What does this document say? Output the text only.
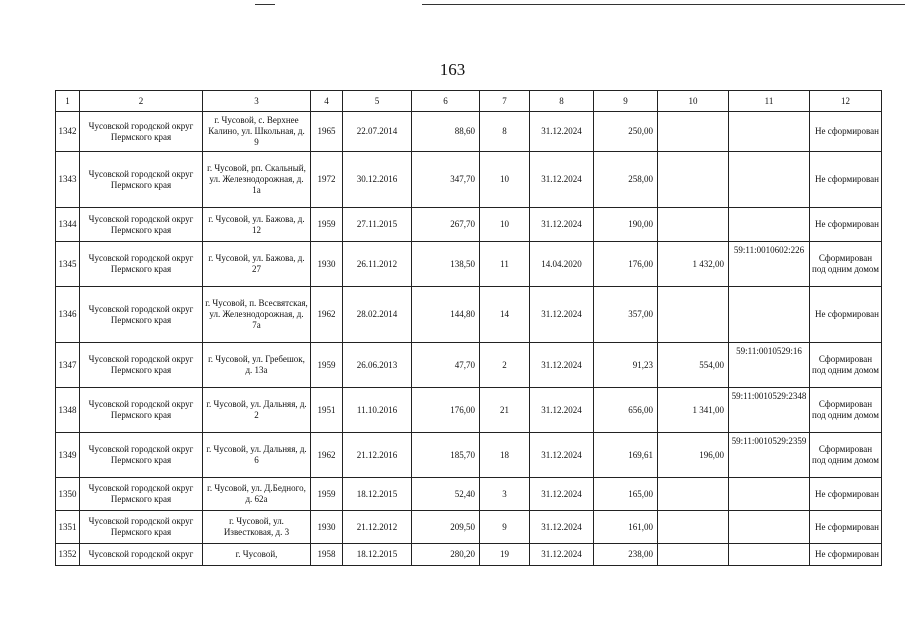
163
1	2	3	4	5	6	7	8	9	10	11	12
1342	Чусовской городской округ Пермского края	г. Чусовой, с. Верхнее Калино, ул. Школьная, д. 9	1965	22.07.2014	88,60	8	31.12.2024	250,00			Не сформирован
1343	Чусовской городской округ Пермского края	г. Чусовой, рп. Скальный, ул. Железнодорожная, д. 1а	1972	30.12.2016	347,70	10	31.12.2024	258,00			Не сформирован
1344	Чусовской городской округ Пермского края	г. Чусовой, ул. Бажова, д. 12	1959	27.11.2015	267,70	10	31.12.2024	190,00			Не сформирован
1345	Чусовской городской округ Пермского края	г. Чусовой, ул. Бажова, д. 27	1930	26.11.2012	138,50	11	14.04.2020	176,00	1 432,00	59:11:0010602:226	Сформирован под одним домом
1346	Чусовской городской округ Пермского края	г. Чусовой, п. Всесвятская, ул. Железнодорожная, д. 7а	1962	28.02.2014	144,80	14	31.12.2024	357,00			Не сформирован
1347	Чусовской городской округ Пермского края	г. Чусовой, ул. Гребешок, д. 13а	1959	26.06.2013	47,70	2	31.12.2024	91,23	554,00	59:11:0010529:16	Сформирован под одним домом
1348	Чусовской городской округ Пермского края	г. Чусовой, ул. Дальняя, д. 2	1951	11.10.2016	176,00	21	31.12.2024	656,00	1 341,00	59:11:0010529:2348	Сформирован под одним домом
1349	Чусовской городской округ Пермского края	г. Чусовой, ул. Дальняя, д. 6	1962	21.12.2016	185,70	18	31.12.2024	169,61	196,00	59:11:0010529:2359	Сформирован под одним домом
1350	Чусовской городской округ Пермского края	г. Чусовой, ул. Д.Бедного, д. 62а	1959	18.12.2015	52,40	3	31.12.2024	165,00			Не сформирован
1351	Чусовской городской округ Пермского края	г. Чусовой, ул. Известковая, д. 3	1930	21.12.2012	209,50	9	31.12.2024	161,00			Не сформирован
1352	Чусовской городской округ	г. Чусовой,	1958	18.12.2015	280,20	19	31.12.2024	238,00			Не сформирован
